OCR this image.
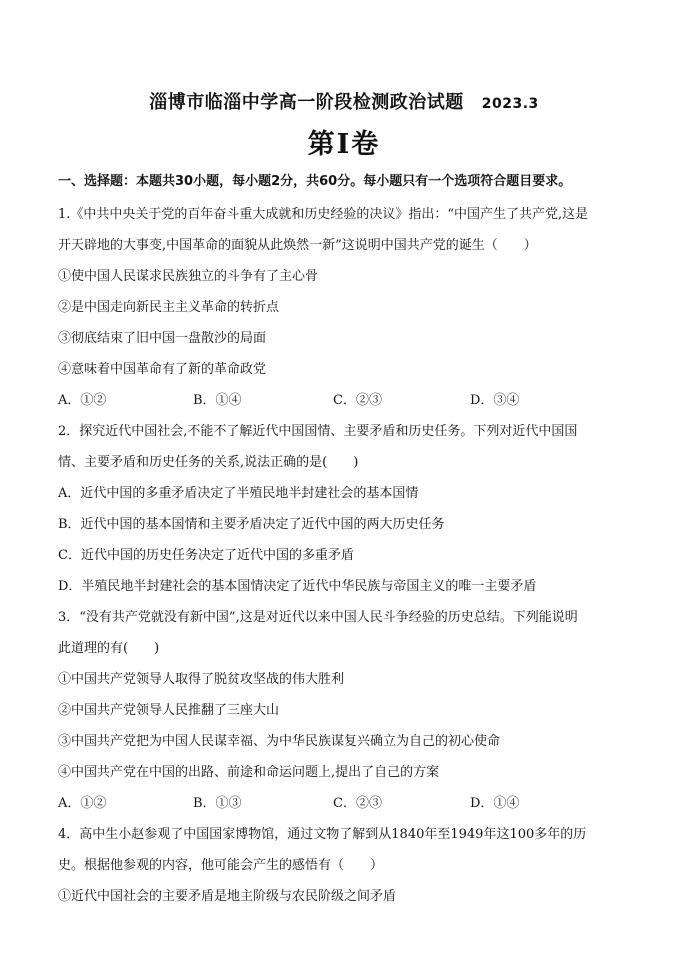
淄博市临淄中学高一阶段检测政治试题 2023.3
第Ⅰ卷
一、选择题：本题共30小题，每小题2分，共60分。每小题只有一个选项符合题目要求。
1.《中共中央关于党的百年奋斗重大成就和历史经验的决议》指出：“中国产生了共产党,这是
开天辟地的大事变,中国革命的面貌从此焕然一新”这说明中国共产党的诞生（　　）
①使中国人民谋求民族独立的斗争有了主心骨
②是中国走向新民主主义革命的转折点
③彻底结束了旧中国一盘散沙的局面
④意味着中国革命有了新的革命政党
A．①②	B．①④	C．②③	D．③④
2．探究近代中国社会,不能不了解近代中国国情、主要矛盾和历史任务。下列对近代中国国
情、主要矛盾和历史任务的关系,说法正确的是(　　)
A．近代中国的多重矛盾决定了半殖民地半封建社会的基本国情
B．近代中国的基本国情和主要矛盾决定了近代中国的两大历史任务
C．近代中国的历史任务决定了近代中国的多重矛盾
D．半殖民地半封建社会的基本国情决定了近代中华民族与帝国主义的唯一主要矛盾
3．“没有共产党就没有新中国”,这是对近代以来中国人民斗争经验的历史总结。下列能说明
此道理的有(　　)
①中国共产党领导人取得了脱贫攻坚战的伟大胜利
②中国共产党领导人民推翻了三座大山
③中国共产党把为中国人民谋幸福、为中华民族谋复兴确立为自己的初心使命
④中国共产党在中国的出路、前途和命运问题上,提出了自己的方案
A．①②	B．①③	C．②③	D．①④
4．高中生小赵参观了中国国家博物馆，通过文物了解到从1840年至1949年这100多年的历
史。根据他参观的内容，他可能会产生的感悟有（　　）
①近代中国社会的主要矛盾是地主阶级与农民阶级之间矛盾
